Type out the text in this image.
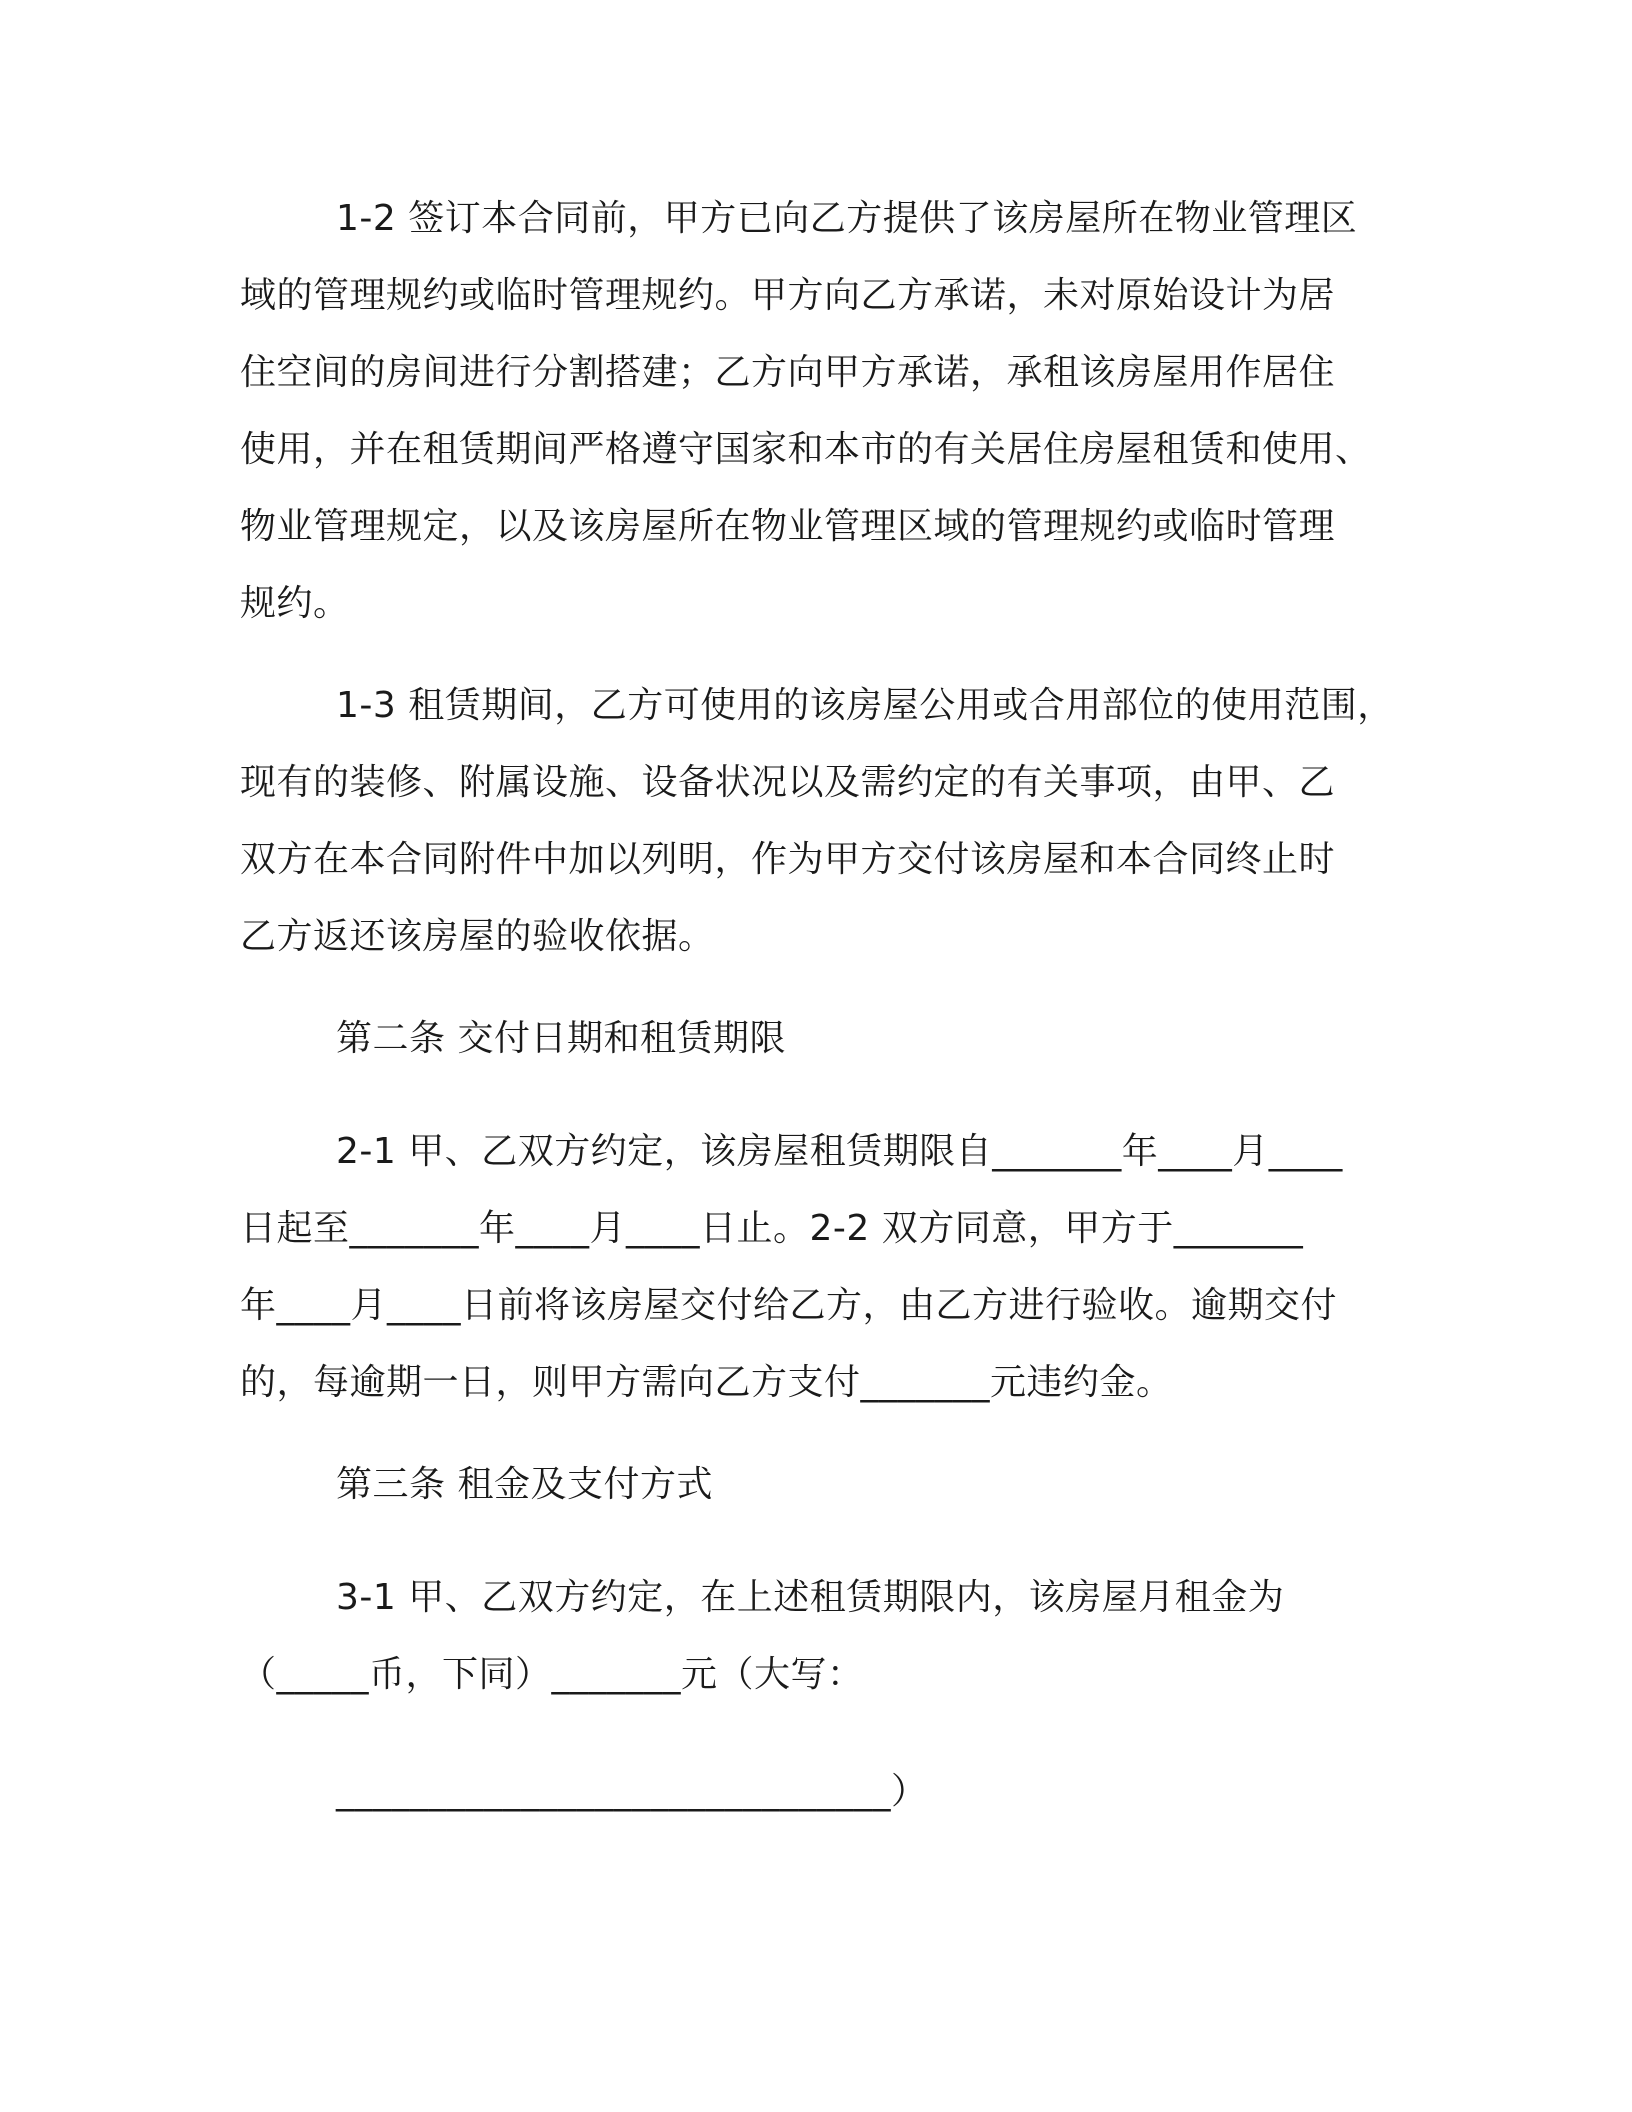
1-2 签订本合同前，甲方已向乙方提供了该房屋所在物业管理区
域的管理规约或临时管理规约。甲方向乙方承诺，未对原始设计为居
住空间的房间进行分割搭建；乙方向甲方承诺，承租该房屋用作居住
使用，并在租赁期间严格遵守国家和本市的有关居住房屋租赁和使用、
物业管理规定，以及该房屋所在物业管理区域的管理规约或临时管理
规约。
1-3 租赁期间，乙方可使用的该房屋公用或合用部位的使用范围，
现有的装修、附属设施、设备状况以及需约定的有关事项，由甲、乙
双方在本合同附件中加以列明，作为甲方交付该房屋和本合同终止时
乙方返还该房屋的验收依据。
第二条 交付日期和租赁期限
2-1 甲、乙双方约定，该房屋租赁期限自_______年____月____
日起至_______年____月____日止。2-2 双方同意，甲方于_______
年____月____日前将该房屋交付给乙方，由乙方进行验收。逾期交付
的，每逾期一日，则甲方需向乙方支付_______元违约金。
第三条 租金及支付方式
3-1 甲、乙双方约定，在上述租赁期限内，该房屋月租金为
（_____币，下同）_______元（大写：
______________________________）
